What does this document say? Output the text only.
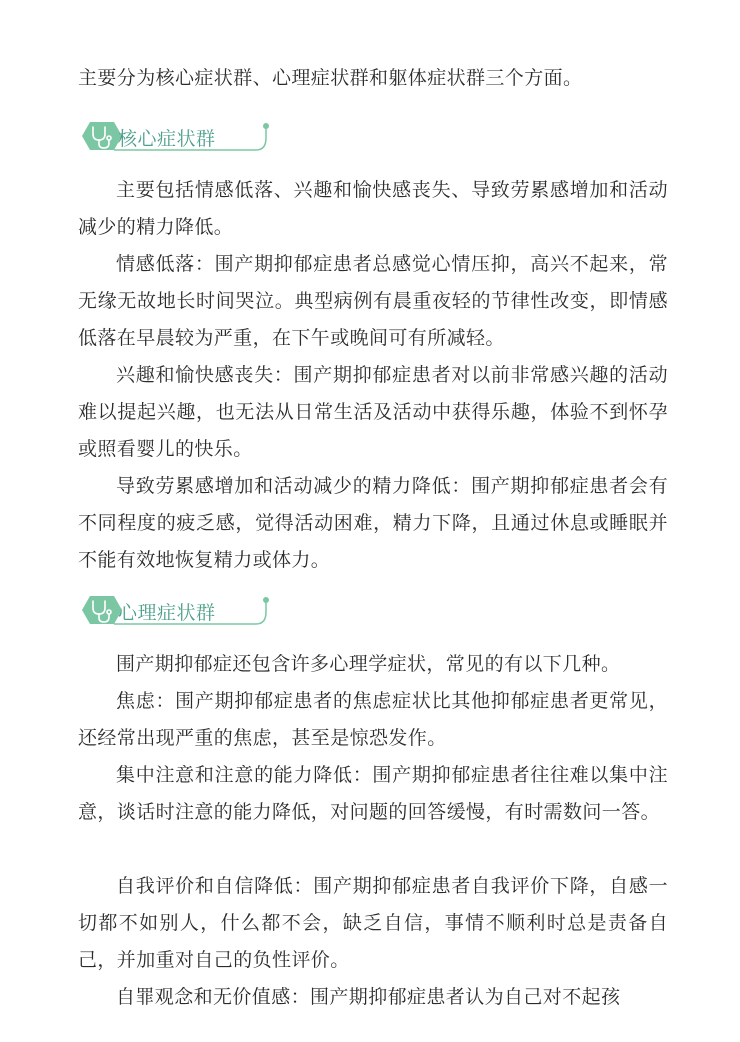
主要分为核心症状群、心理症状群和躯体症状群三个方面。

核心症状群

主要包括情感低落、兴趣和愉快感丧失、导致劳累感增加和活动减少的精力降低。

情感低落：围产期抑郁症患者总感觉心情压抑，高兴不起来，常无缘无故地长时间哭泣。典型病例有晨重夜轻的节律性改变，即情感低落在早晨较为严重，在下午或晚间可有所减轻。

兴趣和愉快感丧失：围产期抑郁症患者对以前非常感兴趣的活动难以提起兴趣，也无法从日常生活及活动中获得乐趣，体验不到怀孕或照看婴儿的快乐。

导致劳累感增加和活动减少的精力降低：围产期抑郁症患者会有不同程度的疲乏感，觉得活动困难，精力下降，且通过休息或睡眠并不能有效地恢复精力或体力。

心理症状群

围产期抑郁症还包含许多心理学症状，常见的有以下几种。

焦虑：围产期抑郁症患者的焦虑症状比其他抑郁症患者更常见，还经常出现严重的焦虑，甚至是惊恐发作。

集中注意和注意的能力降低：围产期抑郁症患者往往难以集中注意，谈话时注意的能力降低，对问题的回答缓慢，有时需数问一答。

自我评价和自信降低：围产期抑郁症患者自我评价下降，自感一切都不如别人，什么都不会，缺乏自信，事情不顺利时总是责备自己，并加重对自己的负性评价。

自罪观念和无价值感：围产期抑郁症患者认为自己对不起孩
